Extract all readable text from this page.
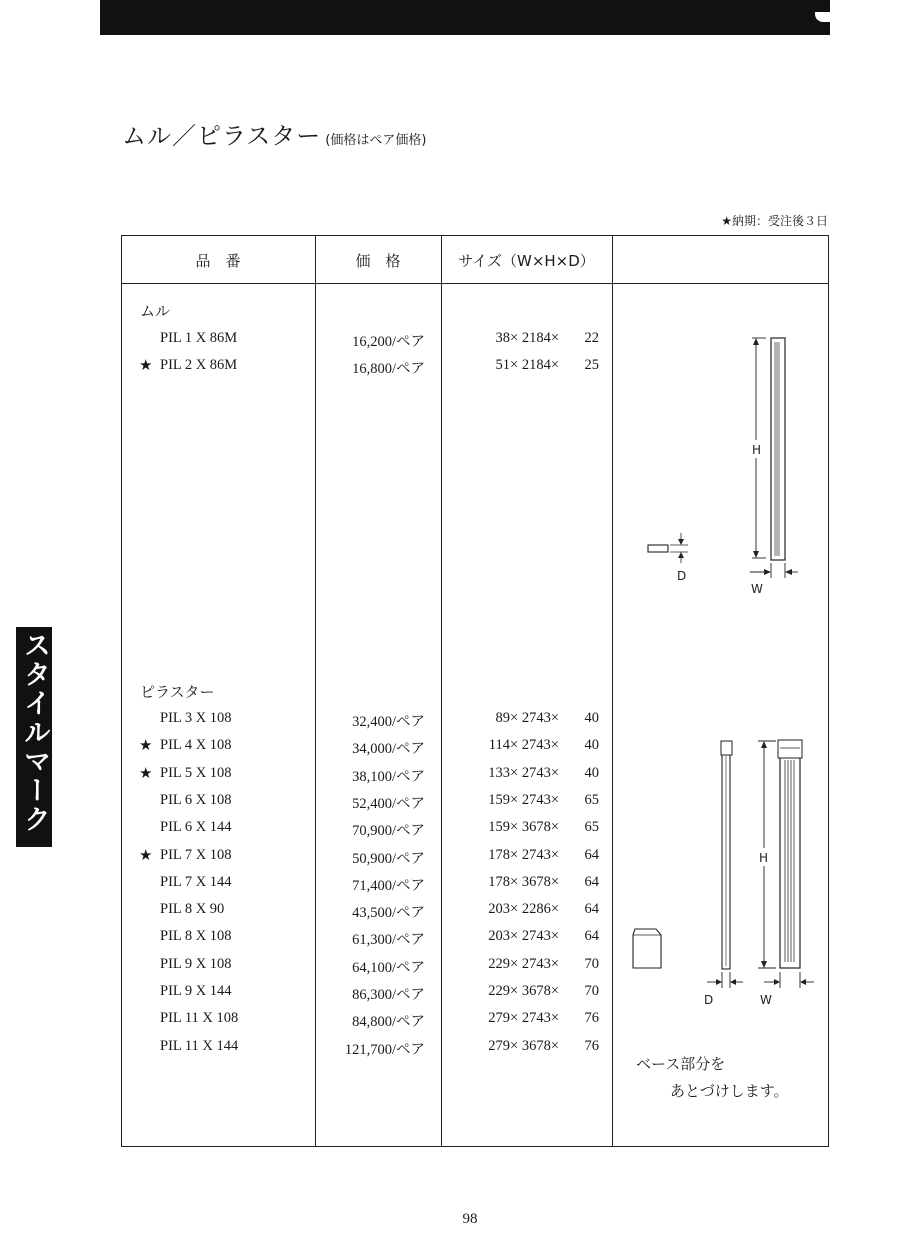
ムル／ピラスター (価格はペア価格)
★納期：受注後３日
品　番	価　格	サイズ（W×H×D）
ムル
PIL 1 X 86M	16,200/ペア	38× 2184× 22
★ PIL 2 X 86M	16,800/ペア	51× 2184× 25
ピラスター
PIL 3 X 108	32,400/ペア	89× 2743× 40
★ PIL 4 X 108	34,000/ペア	114× 2743× 40
★ PIL 5 X 108	38,100/ペア	133× 2743× 40
PIL 6 X 108	52,400/ペア	159× 2743× 65
PIL 6 X 144	70,900/ペア	159× 3678× 65
★ PIL 7 X 108	50,900/ペア	178× 2743× 64
PIL 7 X 144	71,400/ペア	178× 3678× 64
PIL 8 X 90	43,500/ペア	203× 2286× 64
PIL 8 X 108	61,300/ペア	203× 2743× 64
PIL 9 X 108	64,100/ペア	229× 2743× 70
PIL 9 X 144	86,300/ペア	229× 3678× 70
PIL 11 X 108	84,800/ペア	279× 2743× 76
PIL 11 X 144	121,700/ペア	279× 3678× 76
H
W
D
H
D	W
ベース部分を
あとづけします。
スタイルマーク
98
